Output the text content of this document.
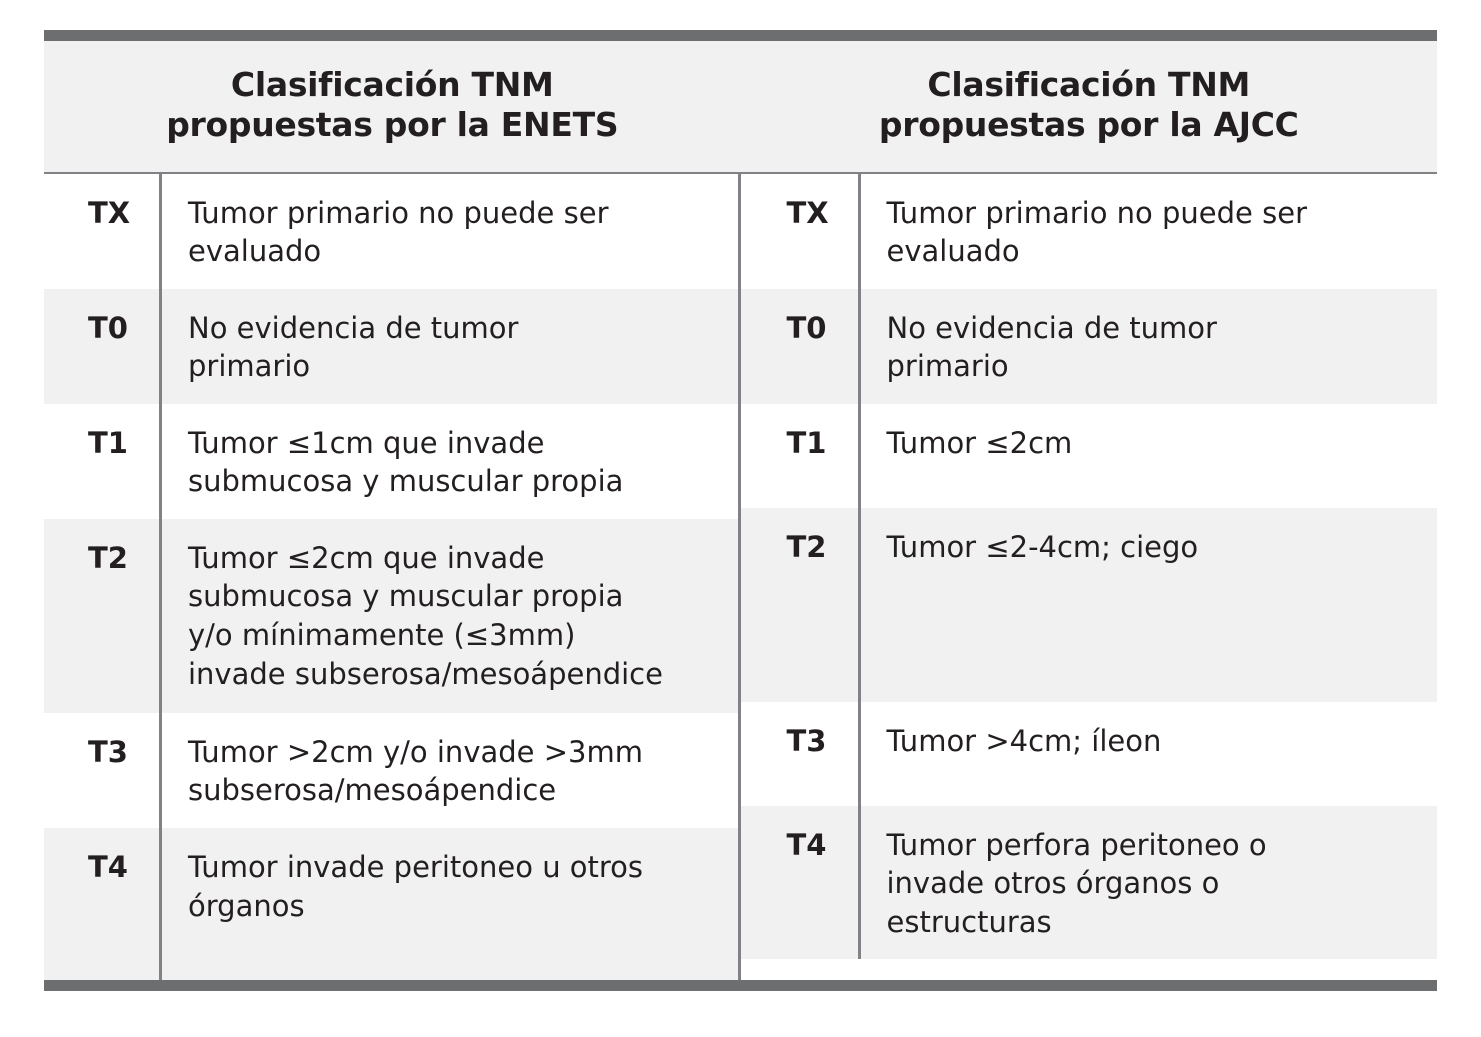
Clasificación TNM
propuestas por la ENETS
Clasificación TNM
propuestas por la AJCC
TX	Tumor primario no puede ser
evaluado
T0	No evidencia de tumor
primario
T1	Tumor ≤1cm que invade
submucosa y muscular propia
T2	Tumor ≤2cm que invade
submucosa y muscular propia
y/o mínimamente (≤3mm)
invade subserosa/mesoápendice
T3	Tumor >2cm y/o invade >3mm
subserosa/mesoápendice
T4	Tumor invade peritoneo u otros
órganos
TX	Tumor primario no puede ser
evaluado
T0	No evidencia de tumor
primario
T1	Tumor ≤2cm
T2	Tumor ≤2-4cm; ciego
T3	Tumor >4cm; íleon
T4	Tumor perfora peritoneo o
invade otros órganos o
estructuras
